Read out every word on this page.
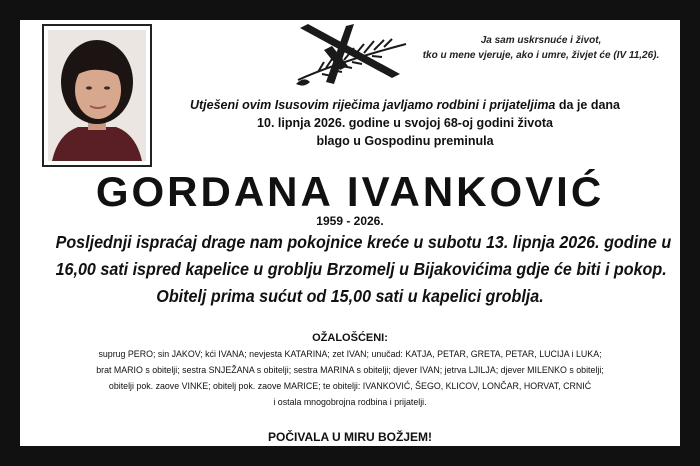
Ja sam uskrsnuće i život,
tko u mene vjeruje, ako i umre, živjet će (IV 11,26).
Utješeni ovim Isusovim riječima javljamo rodbini i prijateljima da je dana
10. lipnja 2026. godine u svojoj 68-oj godini života
blago u Gospodinu preminula
GORDANA IVANKOVIĆ
1959 - 2026.
Posljednji ispraćaj drage nam pokojnice kreće u subotu 13. lipnja 2026. godine u
16,00 sati ispred kapelice u groblju Brzomelj u Bijakovićima gdje će biti i pokop.
Obitelj prima sućut od 15,00 sati u kapelici groblja.
OŽALOŠĆENI:
suprug PERO; sin JAKOV; kći IVANA; nevjesta KATARINA; zet IVAN; unučad: KATJA, PETAR, GRETA, PETAR, LUCIJA i LUKA;
brat MARIO s obitelji; sestra SNJEŽANA s obitelji; sestra MARINA s obitelji; djever IVAN; jetrva LJILJA; djever MILENKO s obitelji;
obitelji pok. zaove VINKE; obitelj pok. zaove MARICE; te obitelji: IVANKOVIĆ, ŠEGO, KLICOV, LONČAR, HORVAT, CRNIĆ
i ostala mnogobrojna rodbina i prijatelji.
POČIVALA U MIRU BOŽJEM!
